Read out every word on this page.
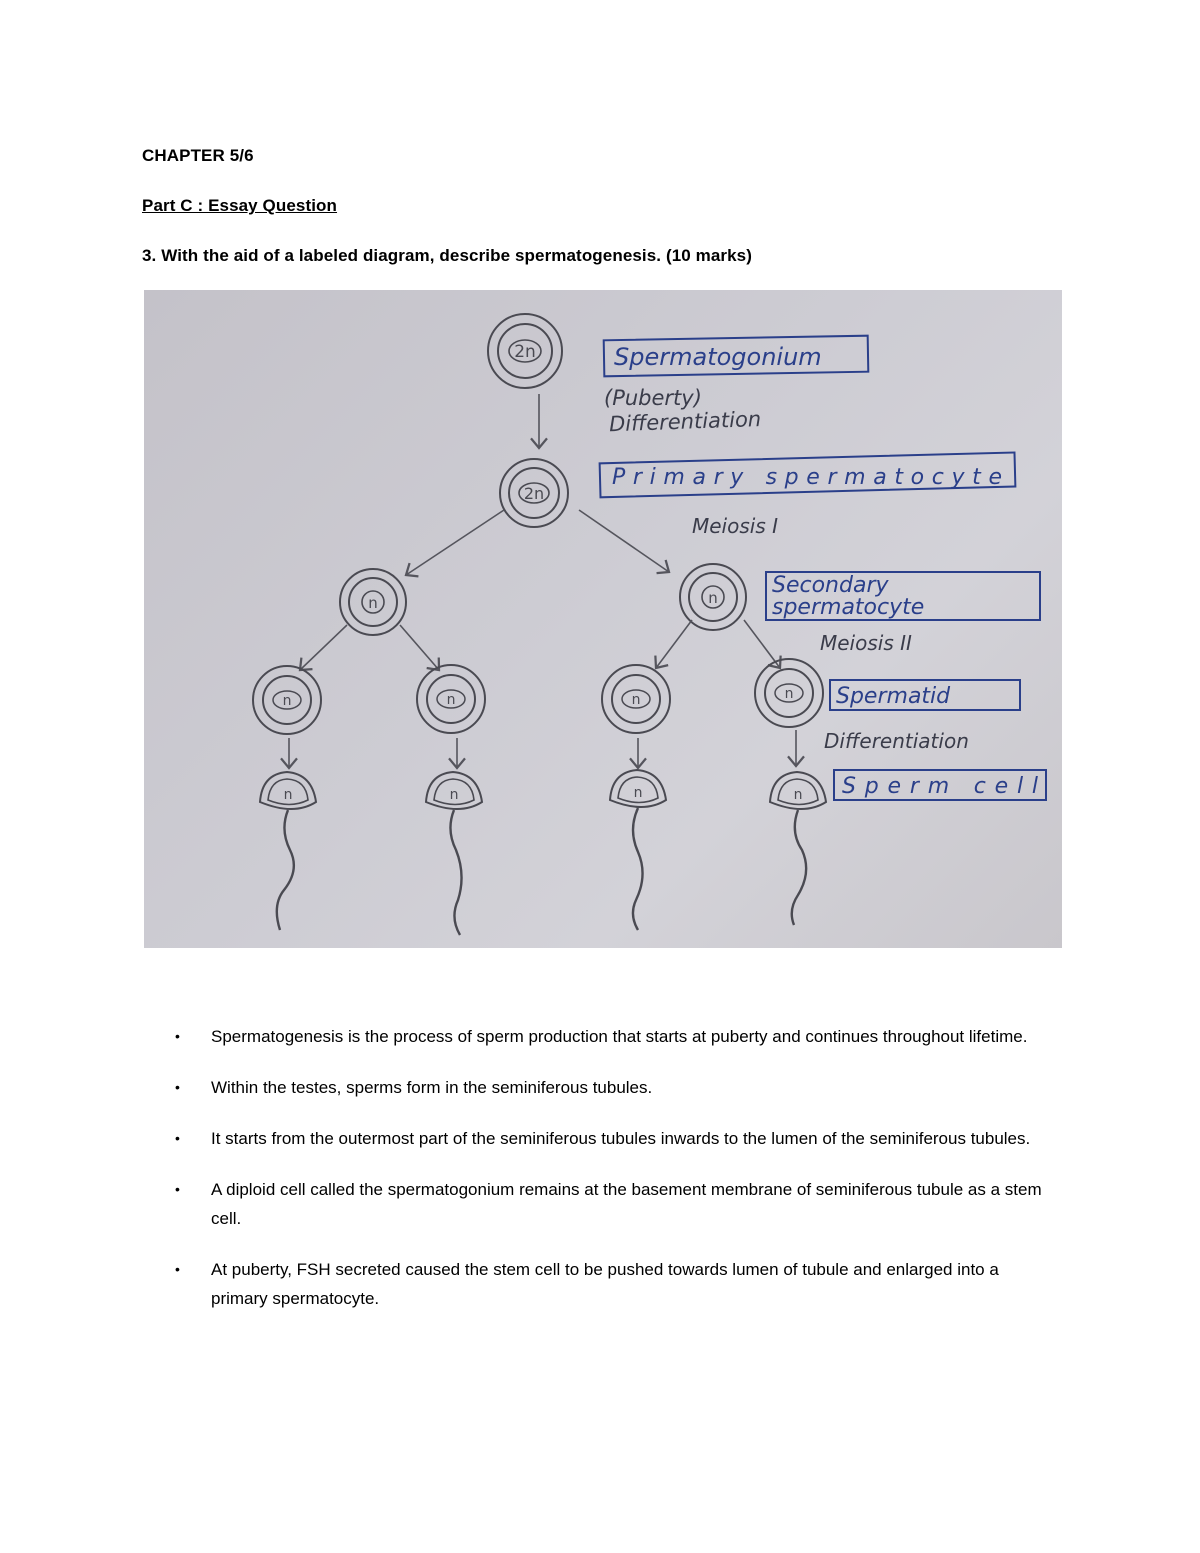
CHAPTER 5/6
Part C : Essay Question
3. With the aid of a labeled diagram, describe spermatogenesis. (10 marks)
2n
2n
n	n
n	n	n	n
n	n	n	n
Spermatogonium
(Puberty)
Differentiation
Primary spermatocyte
Meiosis I
Secondary
spermatocyte
Meiosis II
Spermatid
Differentiation
Sperm cell
• Spermatogenesis is the process of sperm production that starts at puberty and continues throughout lifetime.
• Within the testes, sperms form in the seminiferous tubules.
• It starts from the outermost part of the seminiferous tubules inwards to the lumen of the seminiferous tubules.
• A diploid cell called the spermatogonium remains at the basement membrane of seminiferous tubule as a stem cell.
• At puberty, FSH secreted caused the stem cell to be pushed towards lumen of tubule and enlarged into a primary spermatocyte.
